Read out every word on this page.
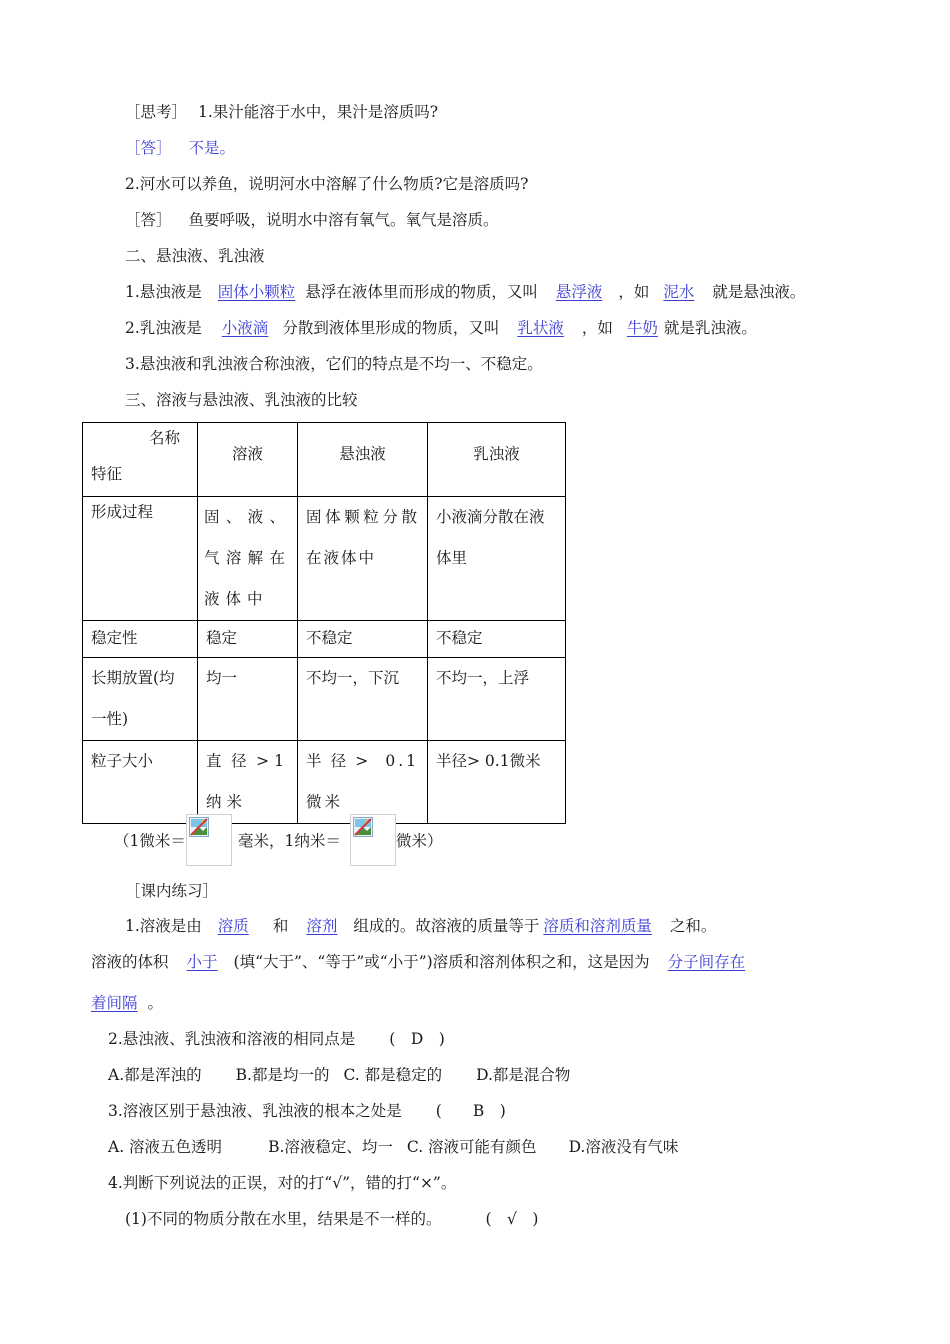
［思考］ 1.果汁能溶于水中，果汁是溶质吗?
［答］ 不是。
2.河水可以养鱼，说明河水中溶解了什么物质?它是溶质吗?
［答］ 鱼要呼吸，说明水中溶有氧气。氧气是溶质。
二、悬浊液、乳浊液
1.悬浊液是 固体小颗粒 悬浮在液体里而形成的物质，又叫 悬浮液 ，如 泥水 就是悬浊液。
2.乳浊液是 小液滴 分散到液体里形成的物质，又叫 乳状液 ，如 牛奶 就是乳浊液。
3.悬浊液和乳浊液合称浊液，它们的特点是不均一、不稳定。
三、溶液与悬浊液、乳浊液的比较
名称
特征	溶液	悬浊液	乳浊液
形成过程	固、液、气溶解在液体中	固体颗粒分散在液体中	小液滴分散在液体里
稳定性	稳定	不稳定	不稳定
长期放置(均一性)	均一	不均一，下沉	不均一，上浮
粒子大小	直径>1纳米	半径> 0.1微米	半径> 0.1微米
（1微米＝	毫米，1纳米＝	微米）
［课内练习］
1.溶液是由 溶质 和 溶剂 组成的。故溶液的质量等于 溶质和溶剂质量 之和。
溶液的体积 小于 (填“大于”、“等于”或“小于”)溶质和溶剂体积之和，这是因为 分子间存在
着间隔 。
2.悬浊液、乳浊液和溶液的相同点是 (　D　)
A.都是浑浊的 B.都是均一的 C. 都是稳定的 D.都是混合物
3.溶液区别于悬浊液、乳浊液的根本之处是 (　　B　)
A. 溶液五色透明	B.溶液稳定、均一 C. 溶液可能有颜色 D.溶液没有气味
4.判断下列说法的正误，对的打“√”，错的打“×”。
(1)不同的物质分散在水里，结果是不一样的。	(　√　)
